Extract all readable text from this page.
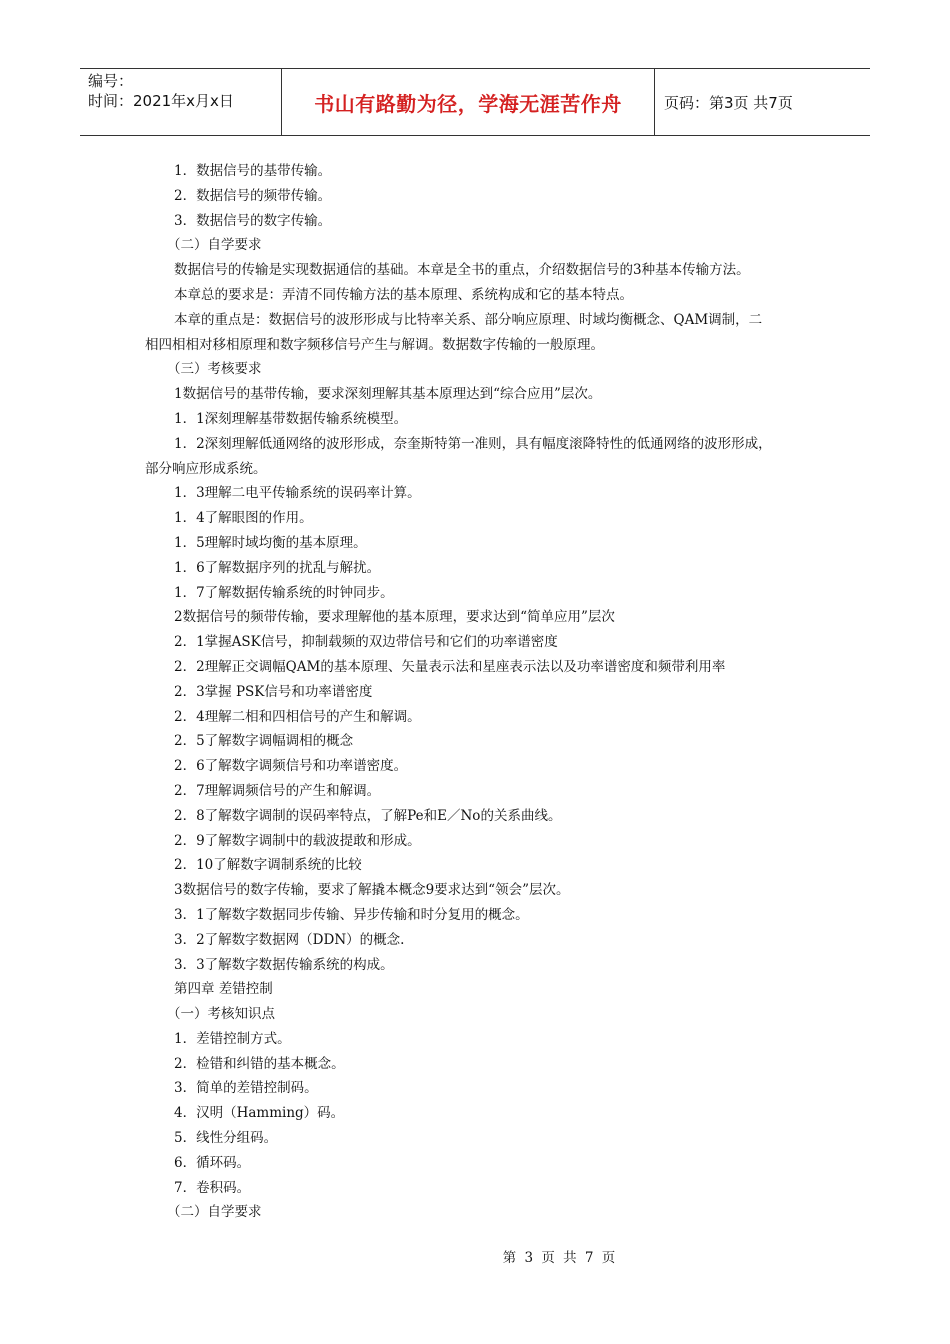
编号：
时间：2021年x月x日	书山有路勤为径，学海无涯苦作舟	页码：第3页 共7页
1．数据信号的基带传输。
2．数据信号的频带传输。
3．数据信号的数字传输。
（二）自学要求
数据信号的传输是实现数据通信的基础。本章是全书的重点，介绍数据信号的3种基本传输方法。
本章总的要求是：弄清不同传输方法的基本原理、系统构成和它的基本特点。
本章的重点是：数据信号的波形形成与比特率关系、部分响应原理、时域均衡概念、QAM调制，二
相四相相对移相原理和数字频移信号产生与解调。数据数字传输的一般原理。
（三）考核要求
1数据信号的基带传输，要求深刻理解其基本原理达到“综合应用”层次。
1．1深刻理解基带数据传输系统模型。
1．2深刻理解低通网络的波形形成，奈奎斯特第一准则，具有幅度滚降特性的低通网络的波形形成，
部分响应形成系统。
1．3理解二电平传输系统的误码率计算。
1．4了解眼图的作用。
1．5理解时域均衡的基本原理。
1．6了解数据序列的扰乱与解扰。
1．7了解数据传输系统的时钟同步。
2数据信号的频带传输，要求理解他的基本原理，要求达到“简单应用”层次
2．1掌握ASK信号，抑制载频的双边带信号和它们的功率谱密度
2．2理解正交调幅QAM的基本原理、矢量表示法和星座表示法以及功率谱密度和频带利用率
2．3掌握 PSK信号和功率谱密度
2．4理解二相和四相信号的产生和解调。
2．5了解数字调幅调相的概念
2．6了解数字调频信号和功率谱密度。
2．7理解调频信号的产生和解调。
2．8了解数字调制的误码率特点，了解Pe和E／No的关系曲线。
2．9了解数字调制中的载波提敢和形成。
2．10了解数字调制系统的比较
3数据信号的数字传输，要求了解撬本概念9要求达到“领会”层次。
3．1了解数字数据同步传输、异步传输和时分复用的概念。
3．2了解数字数据网（DDN）的概念.
3．3了解数字数据传输系统的构成。
第四章 差错控制
（一）考核知识点
1．差错控制方式。
2．检错和纠错的基本概念。
3．简单的差错控制码。
4．汉明（Hamming）码。
5．线性分组码。
6．循环码。
7．卷积码。
（二）自学要求
第 3 页 共 7 页
